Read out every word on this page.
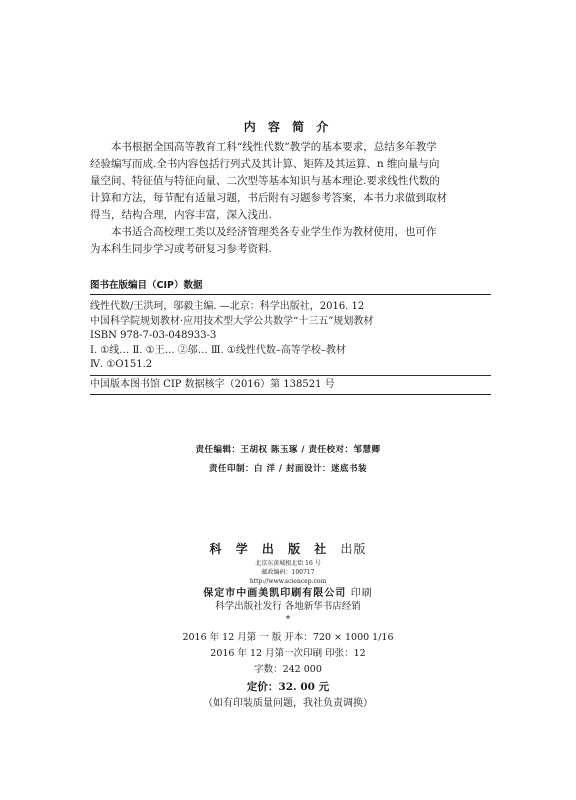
内 容 简 介

本书根据全国高等教育工科“线性代数”教学的基本要求，总结多年教学
经验编写而成.全书内容包括行列式及其计算、矩阵及其运算、n 维向量与向
量空间、特征值与特征向量、二次型等基本知识与基本理论.要求线性代数的
计算和方法，每节配有适量习题，书后附有习题参考答案，本书力求做到取材
得当，结构合理，内容丰富，深入浅出.

本书适合高校理工类以及经济管理类各专业学生作为教材使用，也可作
为本科生同步学习或考研复习参考资料.

图书在版编目（CIP）数据
线性代数/王洪珂，邬毅主编. —北京：科学出版社，2016. 12
中国科学院规划教材·应用技术型大学公共数学“十三五”规划教材
ISBN 978-7-03-048933-3
Ⅰ. ①线… Ⅱ. ①王… ②邬… Ⅲ. ①线性代数–高等学校–教材
Ⅳ. ①O151.2
中国版本图书馆 CIP 数据核字（2016）第 138521 号
责任编辑：王胡权 陈玉琢 / 责任校对：邹慧卿
责任印制：白 洋 / 封面设计：迷底书装
科 学 出 版 社 出版
北京东黄城根北街 16 号
邮政编码：100717
http://www.sciencep.com
保定市中画美凯印刷有限公司 印刷
科学出版社发行 各地新华书店经销
*
2016 年 12 月第 一 版 开本：720 × 1000 1/16
2016 年 12 月第一次印刷 印张：12
字数：242 000
定价：32. 00 元
（如有印装质量问题，我社负责调换）
